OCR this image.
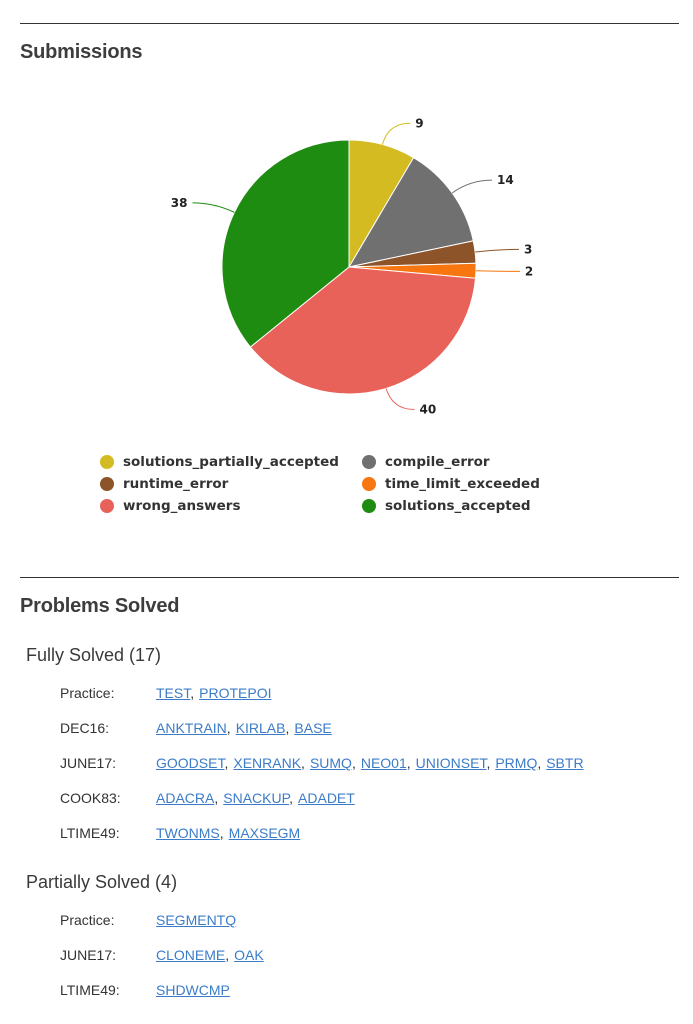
Submissions
9
14
3
2
40
38
solutions_partially_accepted
runtime_error
wrong_answers
compile_error
time_limit_exceeded
solutions_accepted
Problems Solved
Fully Solved (17)
Practice:	TEST, PROTEPOI
DEC16:	ANKTRAIN, KIRLAB, BASE
JUNE17:	GOODSET, XENRANK, SUMQ, NEO01, UNIONSET, PRMQ, SBTR
COOK83:	ADACRA, SNACKUP, ADADET
LTIME49:	TWONMS, MAXSEGM
Partially Solved (4)
Practice:	SEGMENTQ
JUNE17:	CLONEME, OAK
LTIME49:	SHDWCMP
